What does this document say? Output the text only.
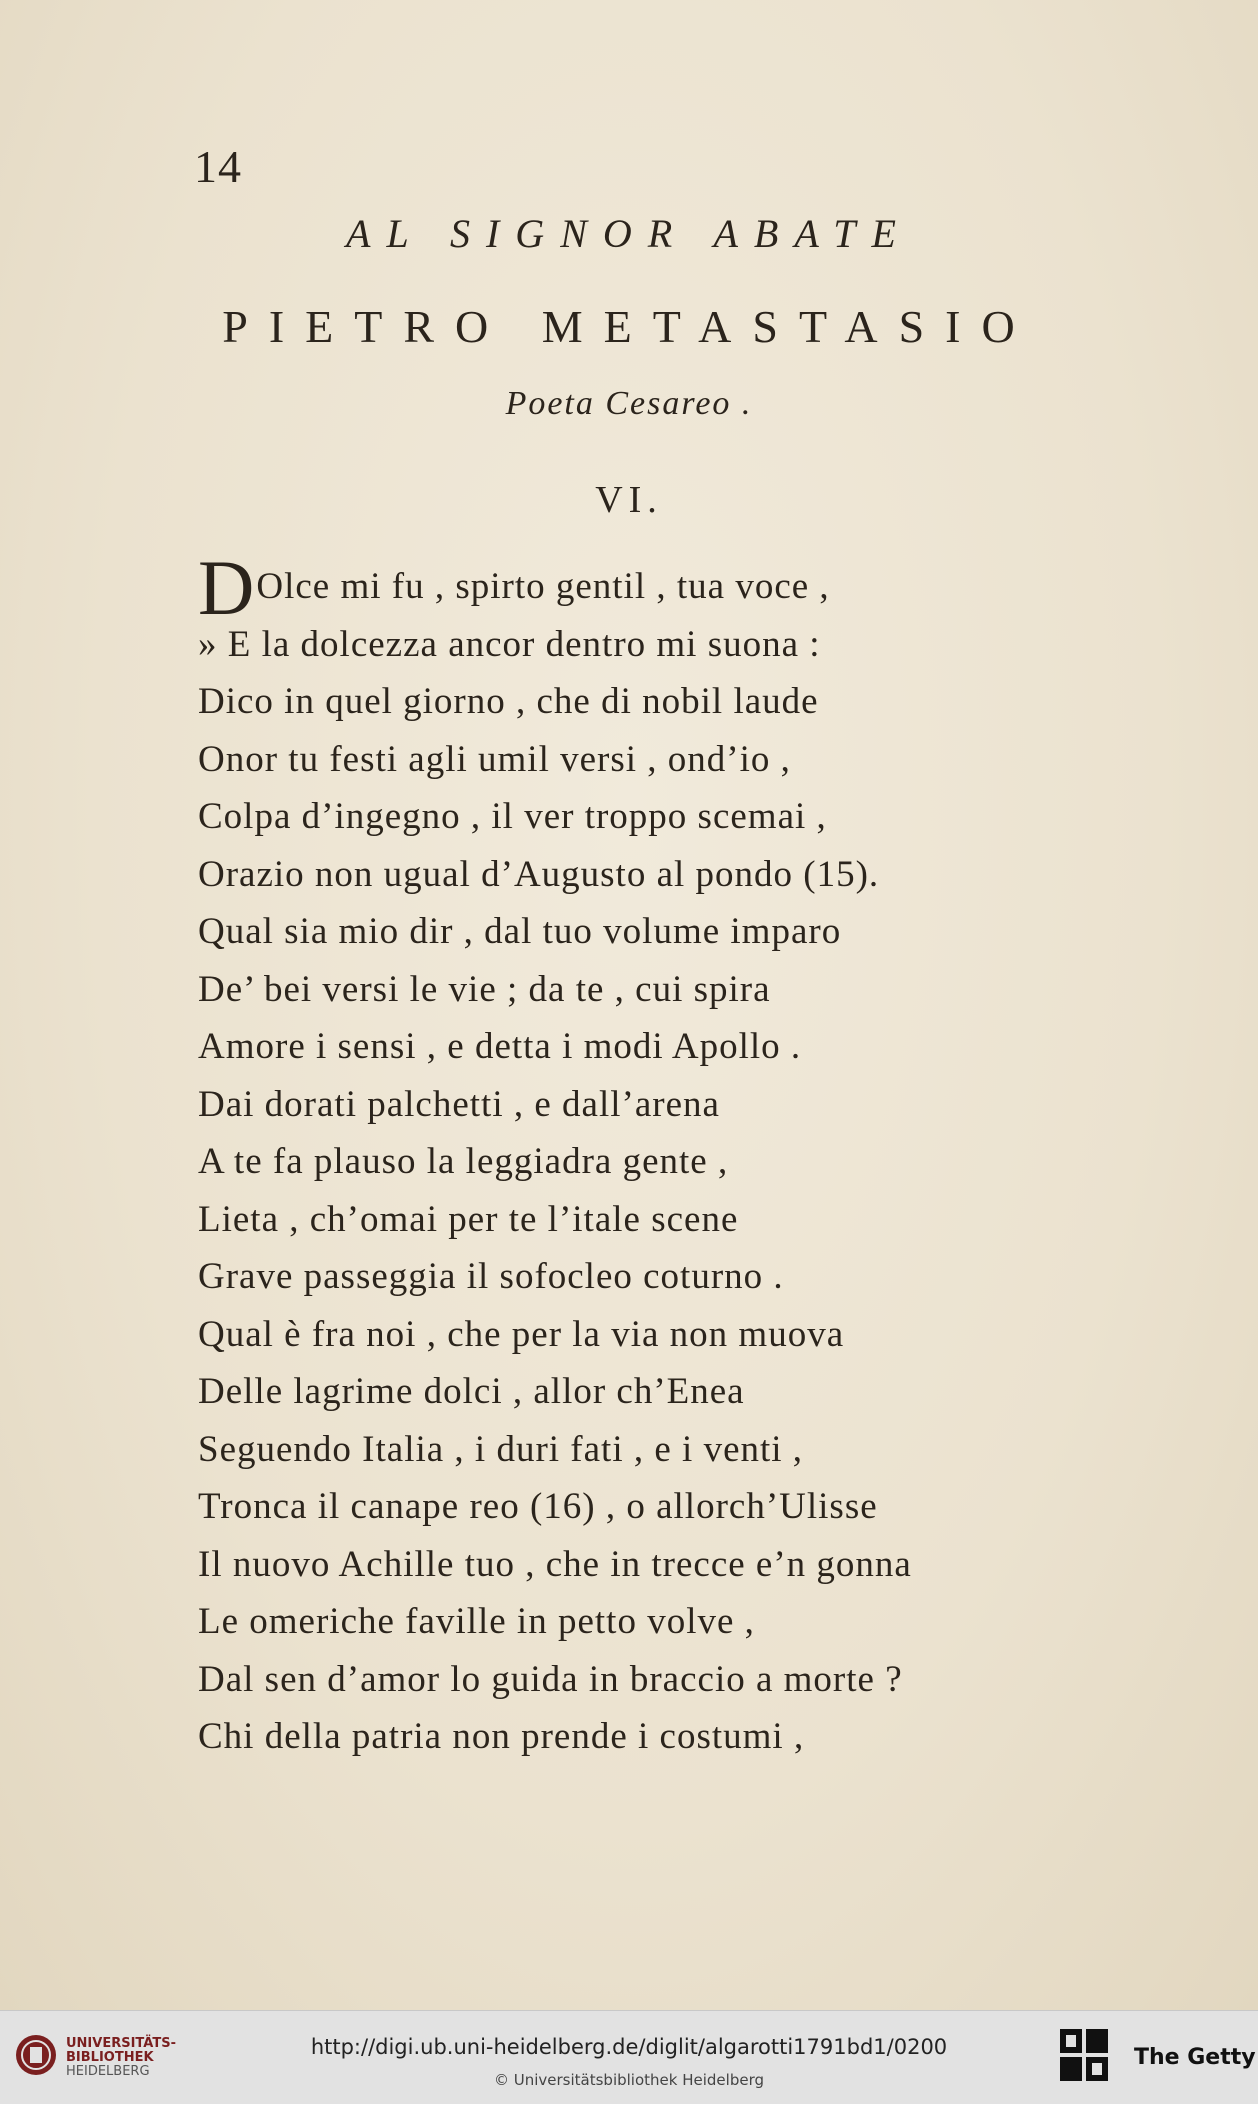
14
AL SIGNOR ABATE
PIETRO METASTASIO
Poeta Cesareo .
VI.
DOlce mi fu , spirto gentil , tua voce ,
» E la dolcezza ancor dentro mi suona :
Dico in quel giorno , che di nobil laude
Onor tu festi agli umil versi , ond’io ,
Colpa d’ingegno , il ver troppo scemai ,
Orazio non ugual d’Augusto al pondo (15).
Qual sia mio dir , dal tuo volume imparo
De’ bei versi le vie ; da te , cui spira
Amore i sensi , e detta i modi Apollo .
Dai dorati palchetti , e dall’arena
A te fa plauso la leggiadra gente ,
Lieta , ch’omai per te l’itale scene
Grave passeggia il sofocleo coturno .
Qual è fra noi , che per la via non muova
Delle lagrime dolci , allor ch’Enea
Seguendo Italia , i duri fati , e i venti ,
Tronca il canape reo (16) , o allorch’Ulisse
Il nuovo Achille tuo , che in trecce e’n gonna
Le omeriche faville in petto volve ,
Dal sen d’amor lo guida in braccio a morte ?
Chi della patria non prende i costumi ,
UNIVERSITÄTS-
BIBLIOTHEK
HEIDELBERG
http://digi.ub.uni-heidelberg.de/diglit/algarotti1791bd1/0200
© Universitätsbibliothek Heidelberg
The Getty
